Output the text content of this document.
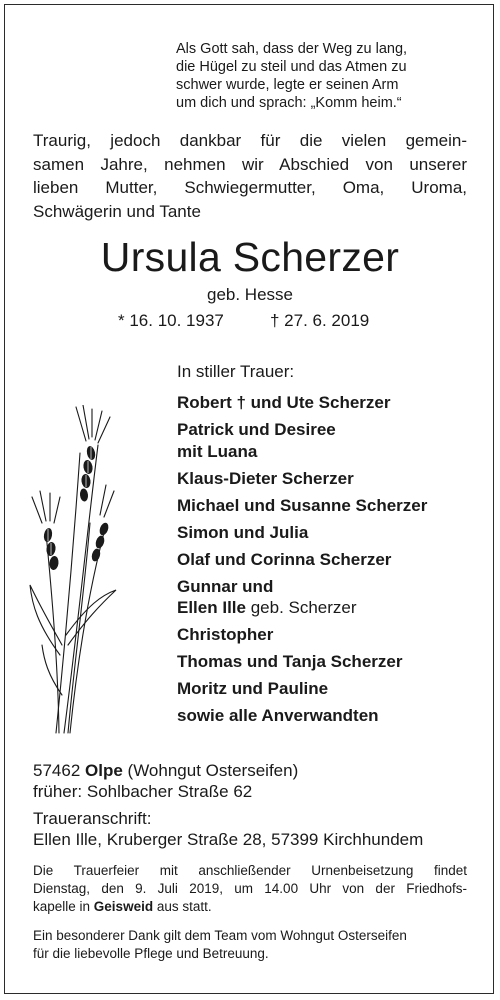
Als Gott sah, dass der Weg zu lang,
die Hügel zu steil und das Atmen zu
schwer wurde, legte er seinen Arm
um dich und sprach: „Komm heim.“
Traurig, jedoch dankbar für die vielen gemein-
samen Jahre, nehmen wir Abschied von unserer
lieben Mutter, Schwiegermutter, Oma, Uroma,
Schwägerin und Tante
Ursula Scherzer
geb. Hesse
* 16. 10. 1937	† 27. 6. 2019
In stiller Trauer:
Robert † und Ute Scherzer
Patrick und Desiree
mit Luana
Klaus-Dieter Scherzer
Michael und Susanne Scherzer
Simon und Julia
Olaf und Corinna Scherzer
Gunnar und
Ellen Ille geb. Scherzer
Christopher
Thomas und Tanja Scherzer
Moritz und Pauline
sowie alle Anverwandten
57462 Olpe (Wohngut Osterseifen)
früher: Sohlbacher Straße 62
Traueranschrift:
Ellen Ille, Kruberger Straße 28, 57399 Kirchhundem
Die Trauerfeier mit anschließender Urnenbeisetzung findet
Dienstag, den 9. Juli 2019, um 14.00 Uhr von der Friedhofs-
kapelle in Geisweid aus statt.
Ein besonderer Dank gilt dem Team vom Wohngut Osterseifen
für die liebevolle Pflege und Betreuung.
